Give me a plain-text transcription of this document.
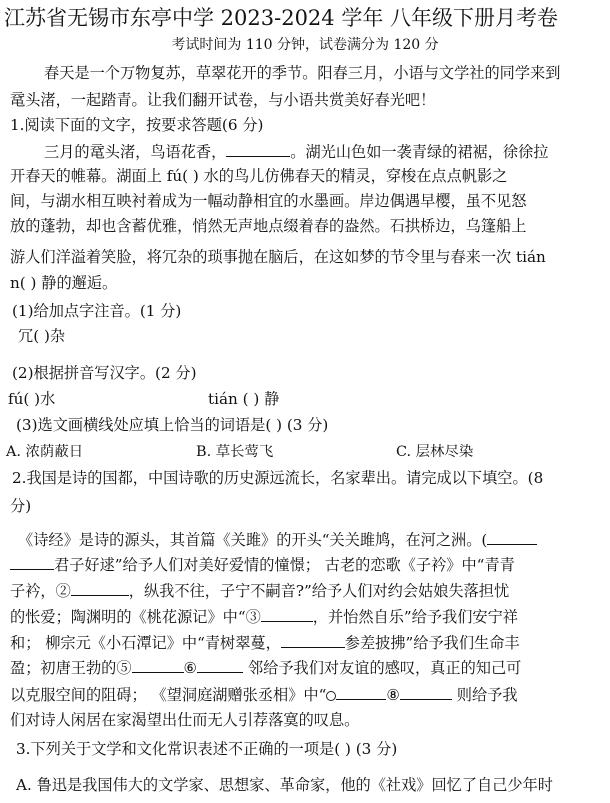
江苏省无锡市东亭中学 2023-2024 学年 八年级下册月考卷
考试时间为 110 分钟，试卷满分为 120 分
春天是一个万物复苏，草翠花开的季节。阳春三月，小语与文学社的同学来到
鼋头渚，一起踏青。让我们翻开试卷，与小语共赏美好春光吧！
1.阅读下面的文字，按要求答题(6 分)
三月的鼋头渚，鸟语花香，	。湖光山色如一袭青绿的裙裾，徐徐拉
开春天的帷幕。湖面上 fú( ) 水的鸟儿仿佛春天的精灵，穿梭在点点帆影之
间，与湖水相互映衬着成为一幅动静相宜的水墨画。岸边偶遇早樱，虽不见怒
放的蓬勃，却也含蓄优雅，悄然无声地点缀着春的盎然。石拱桥边，乌篷船上
游人们洋溢着笑脸，将冗杂的琐事抛在脑后，在这如梦的节令里与春来一次 tián
n( ) 静的邂逅。
(1)给加点字注音。(1 分)
冗( )杂
(2)根据拼音写汉字。(2 分)
fú( )水	tián ( ) 静
(3)选文画横线处应填上恰当的词语是( ) (3 分)
A. 浓荫蔽日	B. 草长莺飞	C. 层林尽染
2.我国是诗的国都，中国诗歌的历史源远流长，名家辈出。请完成以下填空。(8
分)
《诗经》是诗的源头，其首篇《关雎》的开头“关关雎鸠，在河之洲。(
君子好逑”给予人们对美好爱情的憧憬； 古老的恋歌《子衿》中“青青
子衿，②	，纵我不往，子宁不嗣音?”给予人们对约会姑娘失落担忧
的怅爱；陶渊明的《桃花源记》中“③	，并怡然自乐”给予我们安宁祥
和； 柳宗元《小石潭记》中“青树翠蔓，	参差披拂”给予我们生命丰
盈；初唐王勃的⑤	⑥	邻给予我们对友谊的感叹，真正的知己可
以克服空间的阻碍； 《望洞庭湖赠张丞相》中“	⑧	则给予我
们对诗人闲居在家渴望出仕而无人引荐落寞的叹息。
3.下列关于文学和文化常识表述不正确的一项是( ) (3 分)
A. 鲁迅是我国伟大的文学家、思想家、革命家，他的《社戏》回忆了自己少年时
